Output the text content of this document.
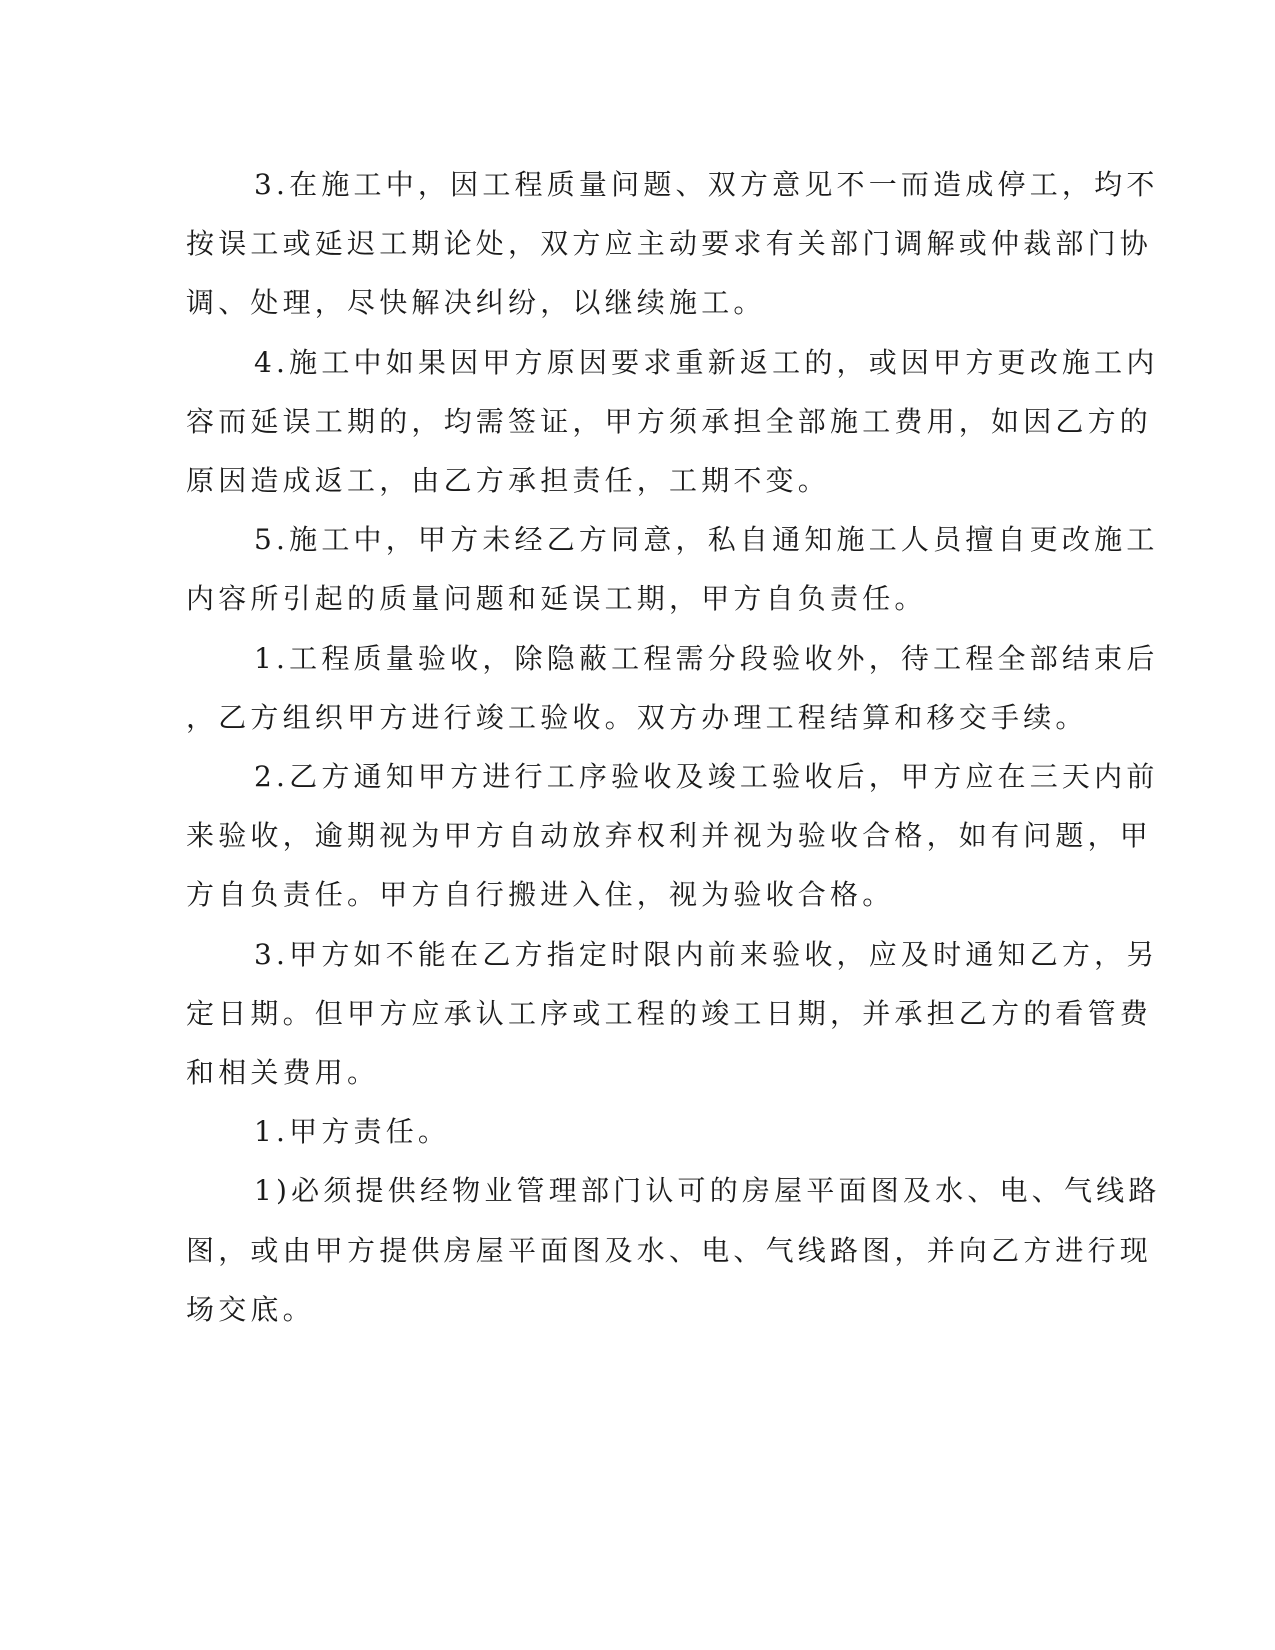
3.在施工中，因工程质量问题、双方意见不一而造成停工，均不
按误工或延迟工期论处，双方应主动要求有关部门调解或仲裁部门协
调、处理，尽快解决纠纷，以继续施工。
4.施工中如果因甲方原因要求重新返工的，或因甲方更改施工内
容而延误工期的，均需签证，甲方须承担全部施工费用，如因乙方的
原因造成返工，由乙方承担责任，工期不变。
5.施工中，甲方未经乙方同意，私自通知施工人员擅自更改施工
内容所引起的质量问题和延误工期，甲方自负责任。
1.工程质量验收，除隐蔽工程需分段验收外，待工程全部结束后
，乙方组织甲方进行竣工验收。双方办理工程结算和移交手续。
2.乙方通知甲方进行工序验收及竣工验收后，甲方应在三天内前
来验收，逾期视为甲方自动放弃权利并视为验收合格，如有问题，甲
方自负责任。甲方自行搬进入住，视为验收合格。
3.甲方如不能在乙方指定时限内前来验收，应及时通知乙方，另
定日期。但甲方应承认工序或工程的竣工日期，并承担乙方的看管费
和相关费用。
1.甲方责任。
1)必须提供经物业管理部门认可的房屋平面图及水、电、气线路
图，或由甲方提供房屋平面图及水、电、气线路图，并向乙方进行现
场交底。
